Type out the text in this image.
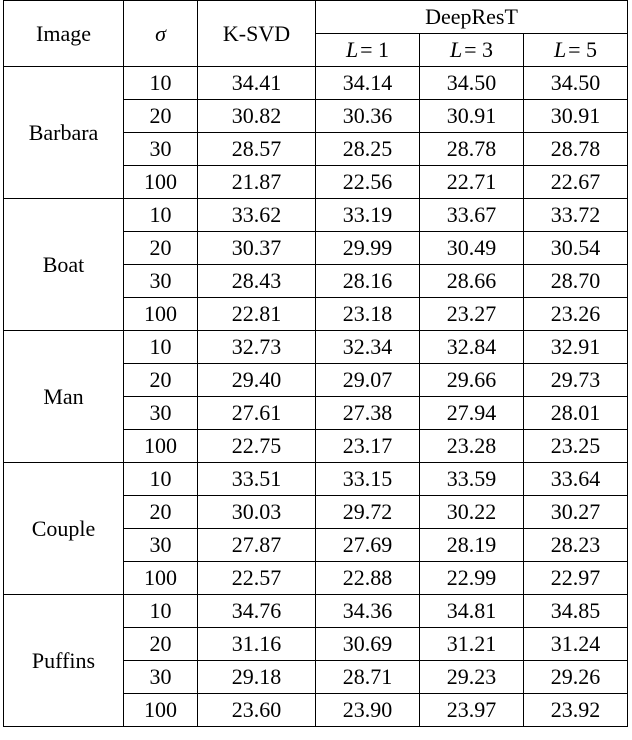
Image	σ	K-SVD	DeepResT		
			L = 1	L = 3	L = 5
Barbara	10	34.41	34.14	34.50	34.50
	20	30.82	30.36	30.91	30.91
	30	28.57	28.25	28.78	28.78
	100	21.87	22.56	22.71	22.67
Boat	10	33.62	33.19	33.67	33.72
	20	30.37	29.99	30.49	30.54
	30	28.43	28.16	28.66	28.70
	100	22.81	23.18	23.27	23.26
Man	10	32.73	32.34	32.84	32.91
	20	29.40	29.07	29.66	29.73
	30	27.61	27.38	27.94	28.01
	100	22.75	23.17	23.28	23.25
Couple	10	33.51	33.15	33.59	33.64
	20	30.03	29.72	30.22	30.27
	30	27.87	27.69	28.19	28.23
	100	22.57	22.88	22.99	22.97
Puffins	10	34.76	34.36	34.81	34.85
	20	31.16	30.69	31.21	31.24
	30	29.18	28.71	29.23	29.26
	100	23.60	23.90	23.97	23.92
